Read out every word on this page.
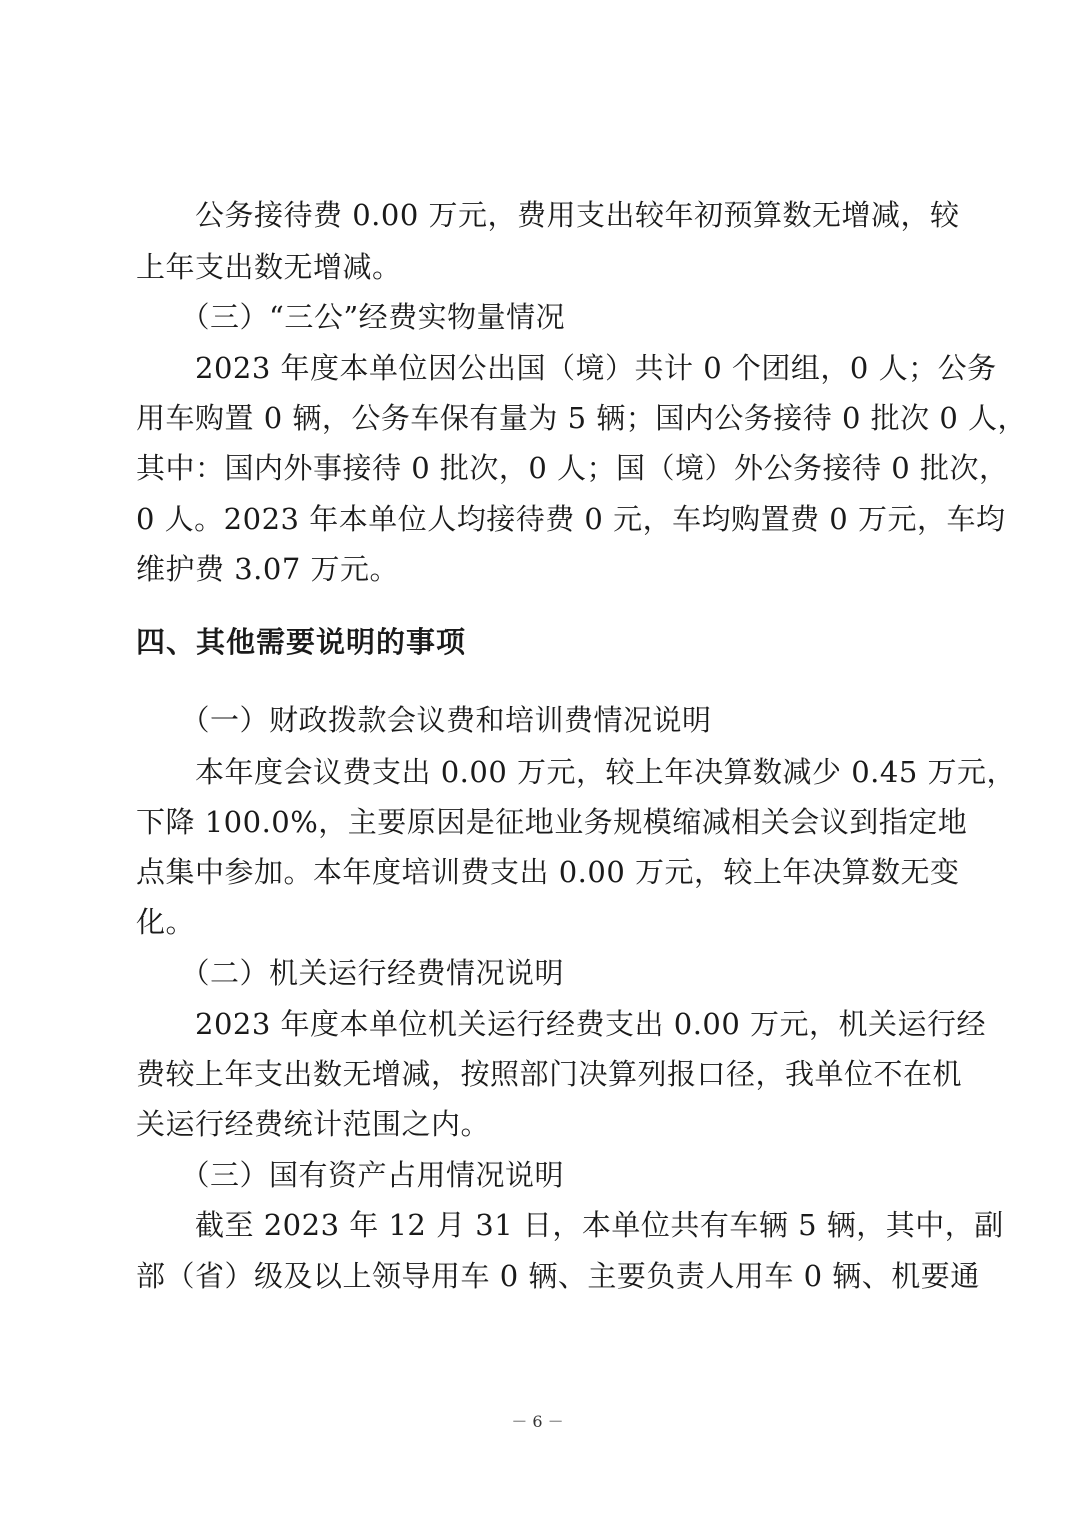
　　公务接待费 0.00 万元，费用支出较年初预算数无增减，较
上年支出数无增减。
　　（三）“三公”经费实物量情况
　　2023 年度本单位因公出国（境）共计 0 个团组，0 人；公务
用车购置 0 辆，公务车保有量为 5 辆；国内公务接待 0 批次 0 人，
其中：国内外事接待 0 批次，0 人；国（境）外公务接待 0 批次，
0 人。2023 年本单位人均接待费 0 元，车均购置费 0 万元，车均
维护费 3.07 万元。
四、其他需要说明的事项
　　（一）财政拨款会议费和培训费情况说明
　　本年度会议费支出 0.00 万元，较上年决算数减少 0.45 万元，
下降 100.0%，主要原因是征地业务规模缩减相关会议到指定地
点集中参加。本年度培训费支出 0.00 万元，较上年决算数无变
化。
　　（二）机关运行经费情况说明
　　2023 年度本单位机关运行经费支出 0.00 万元，机关运行经
费较上年支出数无增减，按照部门决算列报口径，我单位不在机
关运行经费统计范围之内。
　　（三）国有资产占用情况说明
　　截至 2023 年 12 月 31 日，本单位共有车辆 5 辆，其中，副
部（省）级及以上领导用车 0 辆、主要负责人用车 0 辆、机要通
－ 6 －
